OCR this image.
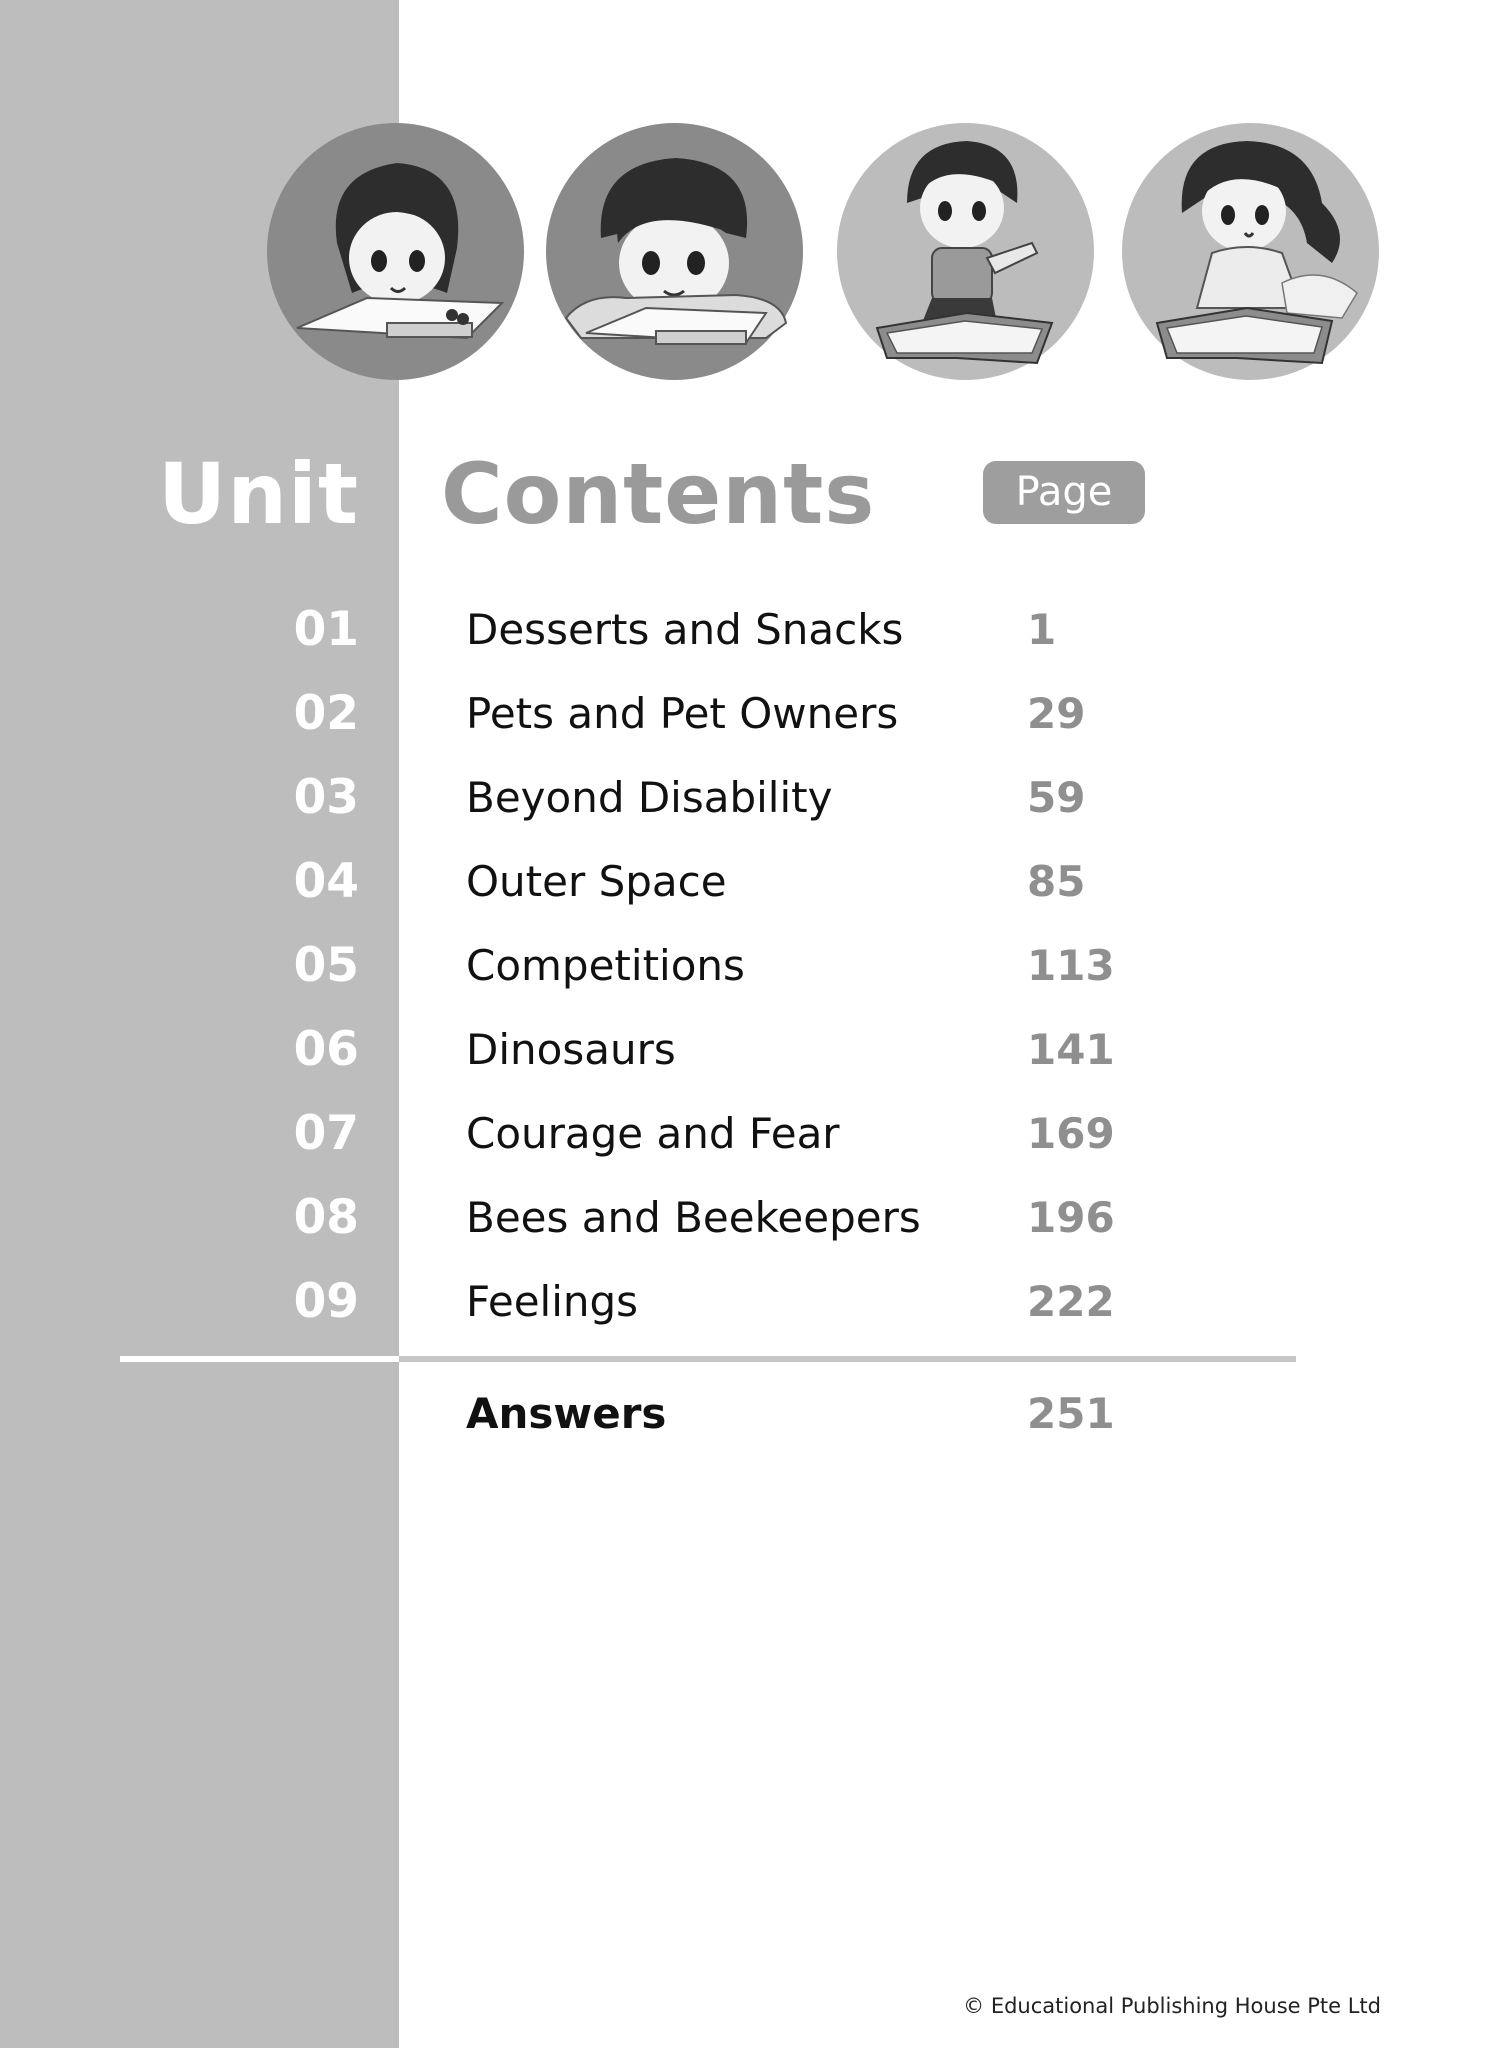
Unit Contents	Page
01	Desserts and Snacks	1
02	Pets and Pet Owners	29
03	Beyond Disability	59
04	Outer Space	85
05	Competitions	113
06	Dinosaurs	141
07	Courage and Fear	169
08	Bees and Beekeepers	196
09	Feelings	222
Answers	251
© Educational Publishing House Pte Ltd
